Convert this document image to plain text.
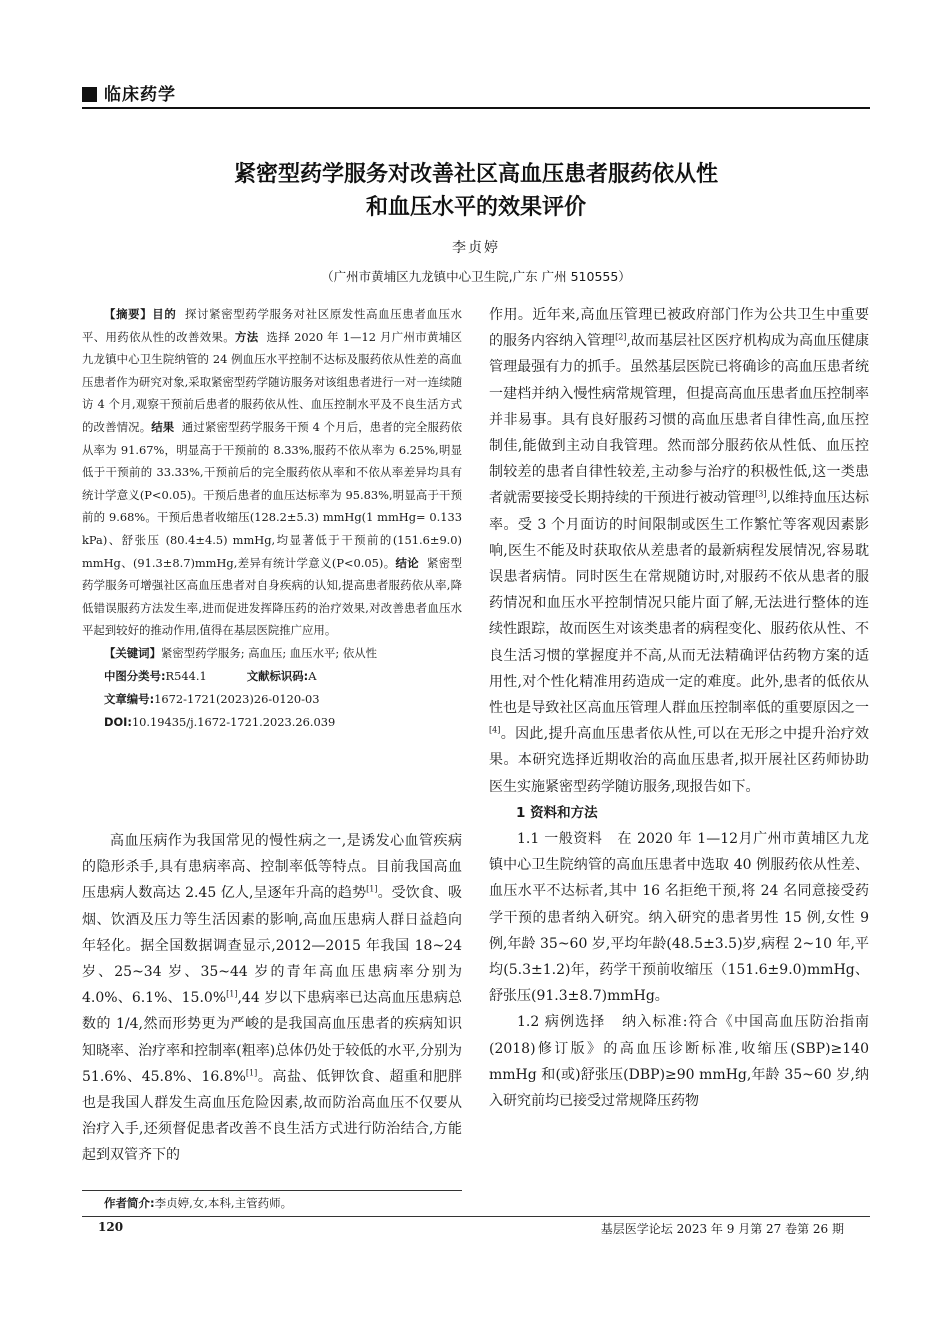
临床药学
紧密型药学服务对改善社区高血压患者服药依从性
和血压水平的效果评价
李贞婷
（广州市黄埔区九龙镇中心卫生院,广东 广州 510555）
【摘要】目的 探讨紧密型药学服务对社区原发性高血压患者血压水平、用药依从性的改善效果。方法 选择 2020 年 1—12 月广州市黄埔区九龙镇中心卫生院纳管的 24 例血压水平控制不达标及服药依从性差的高血压患者作为研究对象,采取紧密型药学随访服务对该组患者进行一对一连续随访 4 个月,观察干预前后患者的服药依从性、血压控制水平及不良生活方式的改善情况。结果 通过紧密型药学服务干预 4 个月后，患者的完全服药依从率为 91.67%，明显高于干预前的 8.33%,服药不依从率为 6.25%,明显低于干预前的 33.33%,干预前后的完全服药依从率和不依从率差异均具有统计学意义(P<0.05)。干预后患者的血压达标率为 95.83%,明显高于干预前的 9.68%。干预后患者收缩压(128.2±5.3) mmHg(1 mmHg= 0.133 kPa)、舒张压 (80.4±4.5) mmHg,均显著低于干预前的(151.6±9.0) mmHg、(91.3±8.7)mmHg,差异有统计学意义(P<0.05)。结论 紧密型药学服务可增强社区高血压患者对自身疾病的认知,提高患者服药依从率,降低错误服药方法发生率,进而促进发挥降压药的治疗效果,对改善患者血压水平起到较好的推动作用,值得在基层医院推广应用。
【关键词】紧密型药学服务; 高血压; 血压水平; 依从性
中图分类号:R544.1	文献标识码:A
文章编号:1672-1721(2023)26-0120-03
DOI:10.19435/j.1672-1721.2023.26.039

高血压病作为我国常见的慢性病之一,是诱发心血管疾病的隐形杀手,具有患病率高、控制率低等特点。目前我国高血压患病人数高达 2.45 亿人,呈逐年升高的趋势[1]。受饮食、吸烟、饮酒及压力等生活因素的影响,高血压患病人群日益趋向年轻化。据全国数据调查显示,2012—2015 年我国 18~24 岁、25~34 岁、35~44 岁的青年高血压患病率分别为 4.0%、6.1%、15.0%[1],44 岁以下患病率已达高血压患病总数的 1/4,然而形势更为严峻的是我国高血压患者的疾病知识知晓率、治疗率和控制率(粗率)总体仍处于较低的水平,分别为 51.6%、45.8%、16.8%[1]。高盐、低钾饮食、超重和肥胖也是我国人群发生高血压危险因素,故而防治高血压不仅要从治疗入手,还须督促患者改善不良生活方式进行防治结合,方能起到双管齐下的

作者简介:李贞婷,女,本科,主管药师。

作用。近年来,高血压管理已被政府部门作为公共卫生中重要的服务内容纳入管理[2],故而基层社区医疗机构成为高血压健康管理最强有力的抓手。虽然基层医院已将确诊的高血压患者统一建档并纳入慢性病常规管理，但提高高血压患者血压控制率并非易事。具有良好服药习惯的高血压患者自律性高,血压控制佳,能做到主动自我管理。然而部分服药依从性低、血压控制较差的患者自律性较差,主动参与治疗的积极性低,这一类患者就需要接受长期持续的干预进行被动管理[3],以维持血压达标率。受 3 个月面访的时间限制或医生工作繁忙等客观因素影响,医生不能及时获取依从差患者的最新病程发展情况,容易耽误患者病情。同时医生在常规随访时,对服药不依从患者的服药情况和血压水平控制情况只能片面了解,无法进行整体的连续性跟踪，故而医生对该类患者的病程变化、服药依从性、不良生活习惯的掌握度并不高,从而无法精确评估药物方案的适用性,对个性化精准用药造成一定的难度。此外,患者的低依从性也是导致社区高血压管理人群血压控制率低的重要原因之一[4]。因此,提升高血压患者依从性,可以在无形之中提升治疗效果。本研究选择近期收治的高血压患者,拟开展社区药师协助医生实施紧密型药学随访服务,现报告如下。

1 资料和方法

1.1 一般资料 在 2020 年 1—12月广州市黄埔区九龙镇中心卫生院纳管的高血压患者中选取 40 例服药依从性差、血压水平不达标者,其中 16 名拒绝干预,将 24 名同意接受药学干预的患者纳入研究。纳入研究的患者男性 15 例,女性 9 例,年龄 35~60 岁,平均年龄(48.5±3.5)岁,病程 2~10 年,平均(5.3±1.2)年，药学干预前收缩压（151.6±9.0)mmHg、舒张压(91.3±8.7)mmHg。

1.2 病例选择 纳入标准:符合《中国高血压防治指南(2018)修订版》的高血压诊断标准,收缩压(SBP)≥140 mmHg 和(或)舒张压(DBP)≥90 mmHg,年龄 35~60 岁,纳入研究前均已接受过常规降压药物

120	基层医学论坛 2023 年 9 月第 27 卷第 26 期
